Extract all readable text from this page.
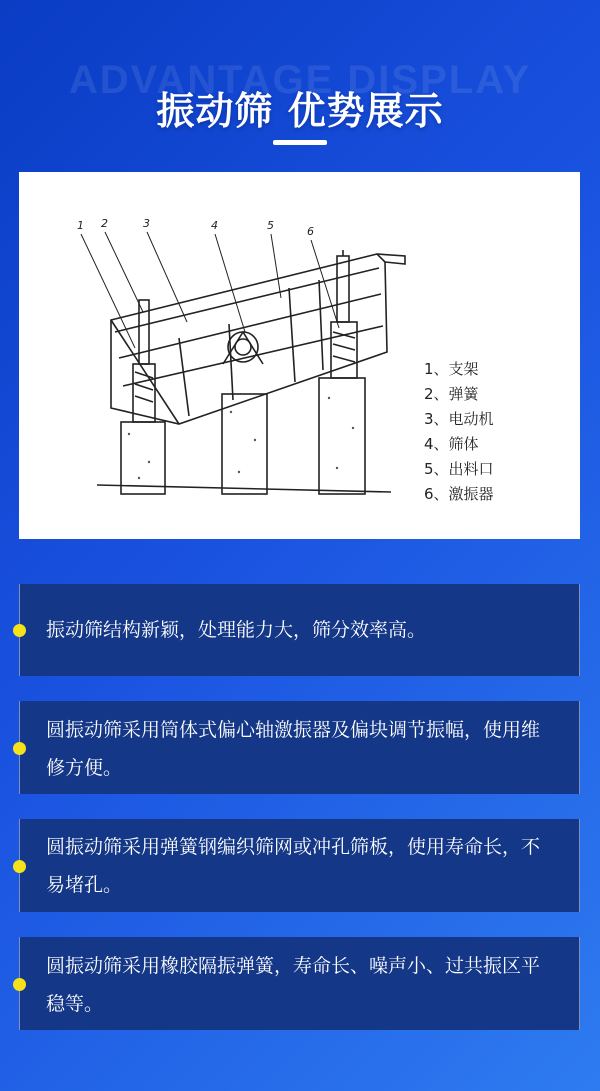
ADVANTAGE DISPLAY
振动筛 优势展示
1 2	3	4	5	6
1、支架
2、弹簧
3、电动机
4、筛体
5、出料口
6、激振器
振动筛结构新颖，处理能力大，筛分效率高。
圆振动筛采用筒体式偏心轴激振器及偏块调节振幅，使用维修方便。
圆振动筛采用弹簧钢编织筛网或冲孔筛板，使用寿命长，不易堵孔。
圆振动筛采用橡胶隔振弹簧，寿命长、噪声小、过共振区平稳等。
